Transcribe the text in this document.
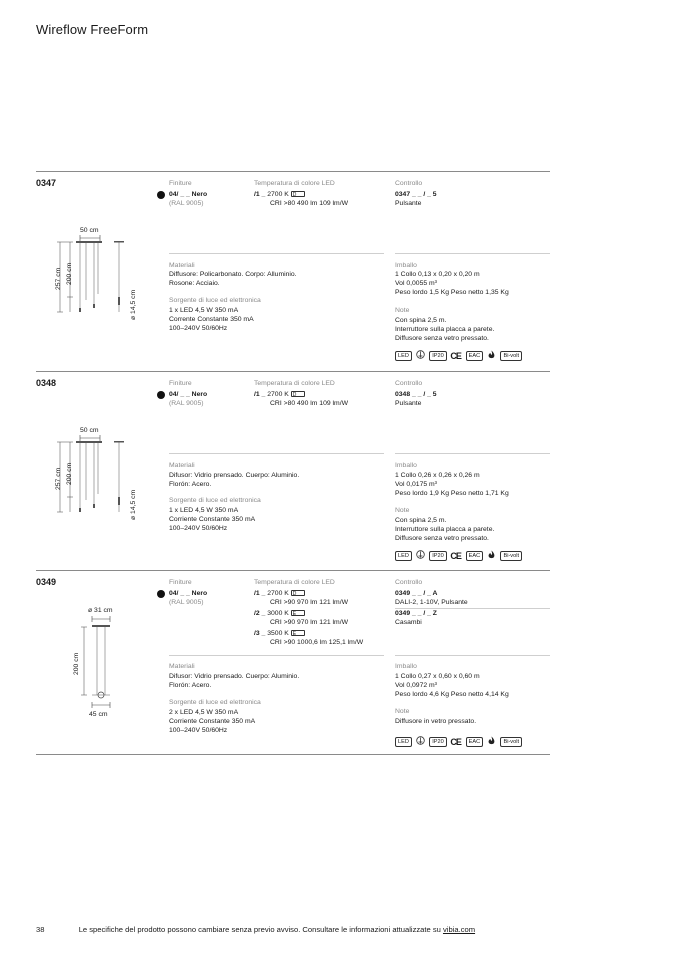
Wireflow FreeForm
0347	Finiture
04/ _ _ Nero
(RAL 9005)
Temperatura di colore LED
/1 _ 2700 K D
CRI >80 490 lm 109 lm/W
Controllo
0347 _ _ / _ 5
Pulsante
Materiali
Diffusore: Policarbonato. Corpo: Alluminio.
Rosone: Acciaio.
Sorgente di luce ed elettronica
1 x LED 4,5 W 350 mA
Corrente Constante 350 mA
100–240V 50/60Hz
Imballo
1 Collo 0,13 x 0,20 x 0,20 m
Vol 0,0055 m³
Peso lordo 1,5 Kg Peso netto 1,35 Kg
Note
Con spina 2,5 m.
Interruttore sulla placca a parete.
Diffusore senza vetro pressato.
LED	IP20 CE EAC	Bi-volt
50 cm
257 cm 200 cm
ø 14,5 cm
0348	Finiture
04/ _ _ Nero
(RAL 9005)
Temperatura di colore LED
/1 _ 2700 K D
CRI >80 490 lm 109 lm/W
Controllo
0348 _ _ / _ 5
Pulsante
Materiali
Difusor: Vidrio prensado. Cuerpo: Aluminio.
Florón: Acero.
Sorgente di luce ed elettronica
1 x LED 4,5 W 350 mA
Corriente Constante 350 mA
100–240V 50/60Hz
Imballo
1 Collo 0,26 x 0,26 x 0,26 m
Vol 0,0175 m³
Peso lordo 1,9 Kg Peso netto 1,71 Kg
Note
Con spina 2,5 m.
Interruttore sulla placca a parete.
Diffusore senza vetro pressato.
LED	IP20 CE EAC	Bi-volt
50 cm
257 cm 200 cm
ø 14,5 cm
0349	Finiture
04/ _ _ Nero
(RAL 9005)
Temperatura di colore LED
/1 _ 2700 K D
CRI >90 970 lm 121 lm/W
/2 _ 3000 K E
CRI >90 970 lm 121 lm/W
/3 _ 3500 K E
CRI >90 1000,6 lm 125,1 lm/W
Controllo
0349 _ _ / _ A
DALI-2, 1-10V, Pulsante
0349 _ _ / _ Z
Casambi
Materiali
Difusor: Vidrio prensado. Cuerpo: Aluminio.
Florón: Acero.
Sorgente di luce ed elettronica
2 x LED 4,5 W 350 mA
Corriente Constante 350 mA
100–240V 50/60Hz
Imballo
1 Collo 0,27 x 0,60 x 0,60 m
Vol 0,0972 m³
Peso lordo 4,6 Kg Peso netto 4,14 Kg
Note
Diffusore in vetro pressato.
LED	IP20 CE EAC	Bi-volt
ø 31 cm
200 cm
45 cm
38	Le specifiche del prodotto possono cambiare senza previo avviso. Consultare le informazioni attualizzate su vibia.com
